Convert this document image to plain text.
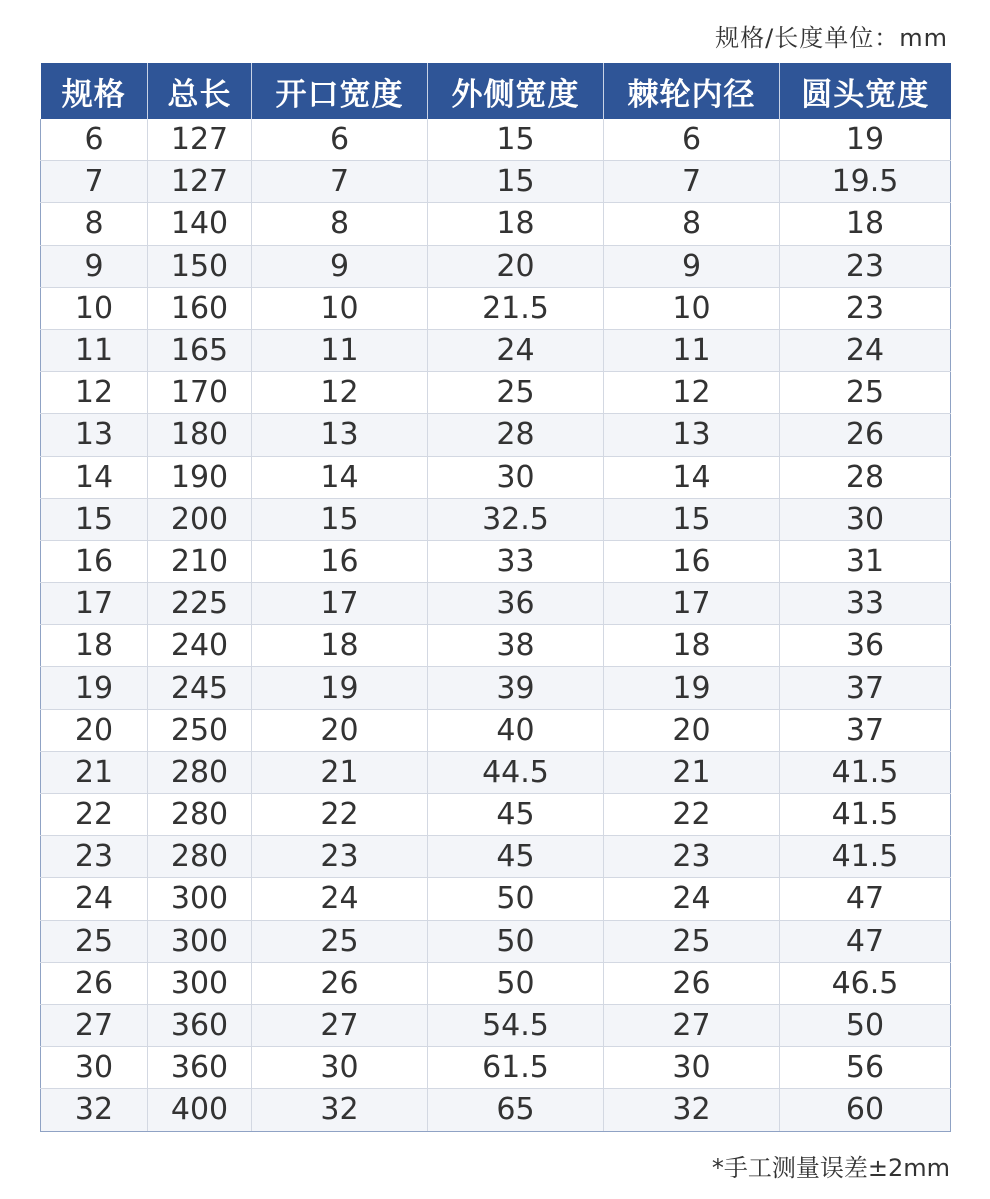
规格/长度单位：mm
规格	总长	开口宽度	外侧宽度	棘轮内径	圆头宽度
6	127	6	15	6	19
7	127	7	15	7	19.5
8	140	8	18	8	18
9	150	9	20	9	23
10	160	10	21.5	10	23
11	165	11	24	11	24
12	170	12	25	12	25
13	180	13	28	13	26
14	190	14	30	14	28
15	200	15	32.5	15	30
16	210	16	33	16	31
17	225	17	36	17	33
18	240	18	38	18	36
19	245	19	39	19	37
20	250	20	40	20	37
21	280	21	44.5	21	41.5
22	280	22	45	22	41.5
23	280	23	45	23	41.5
24	300	24	50	24	47
25	300	25	50	25	47
26	300	26	50	26	46.5
27	360	27	54.5	27	50
30	360	30	61.5	30	56
32	400	32	65	32	60
*手工测量误差±2mm
